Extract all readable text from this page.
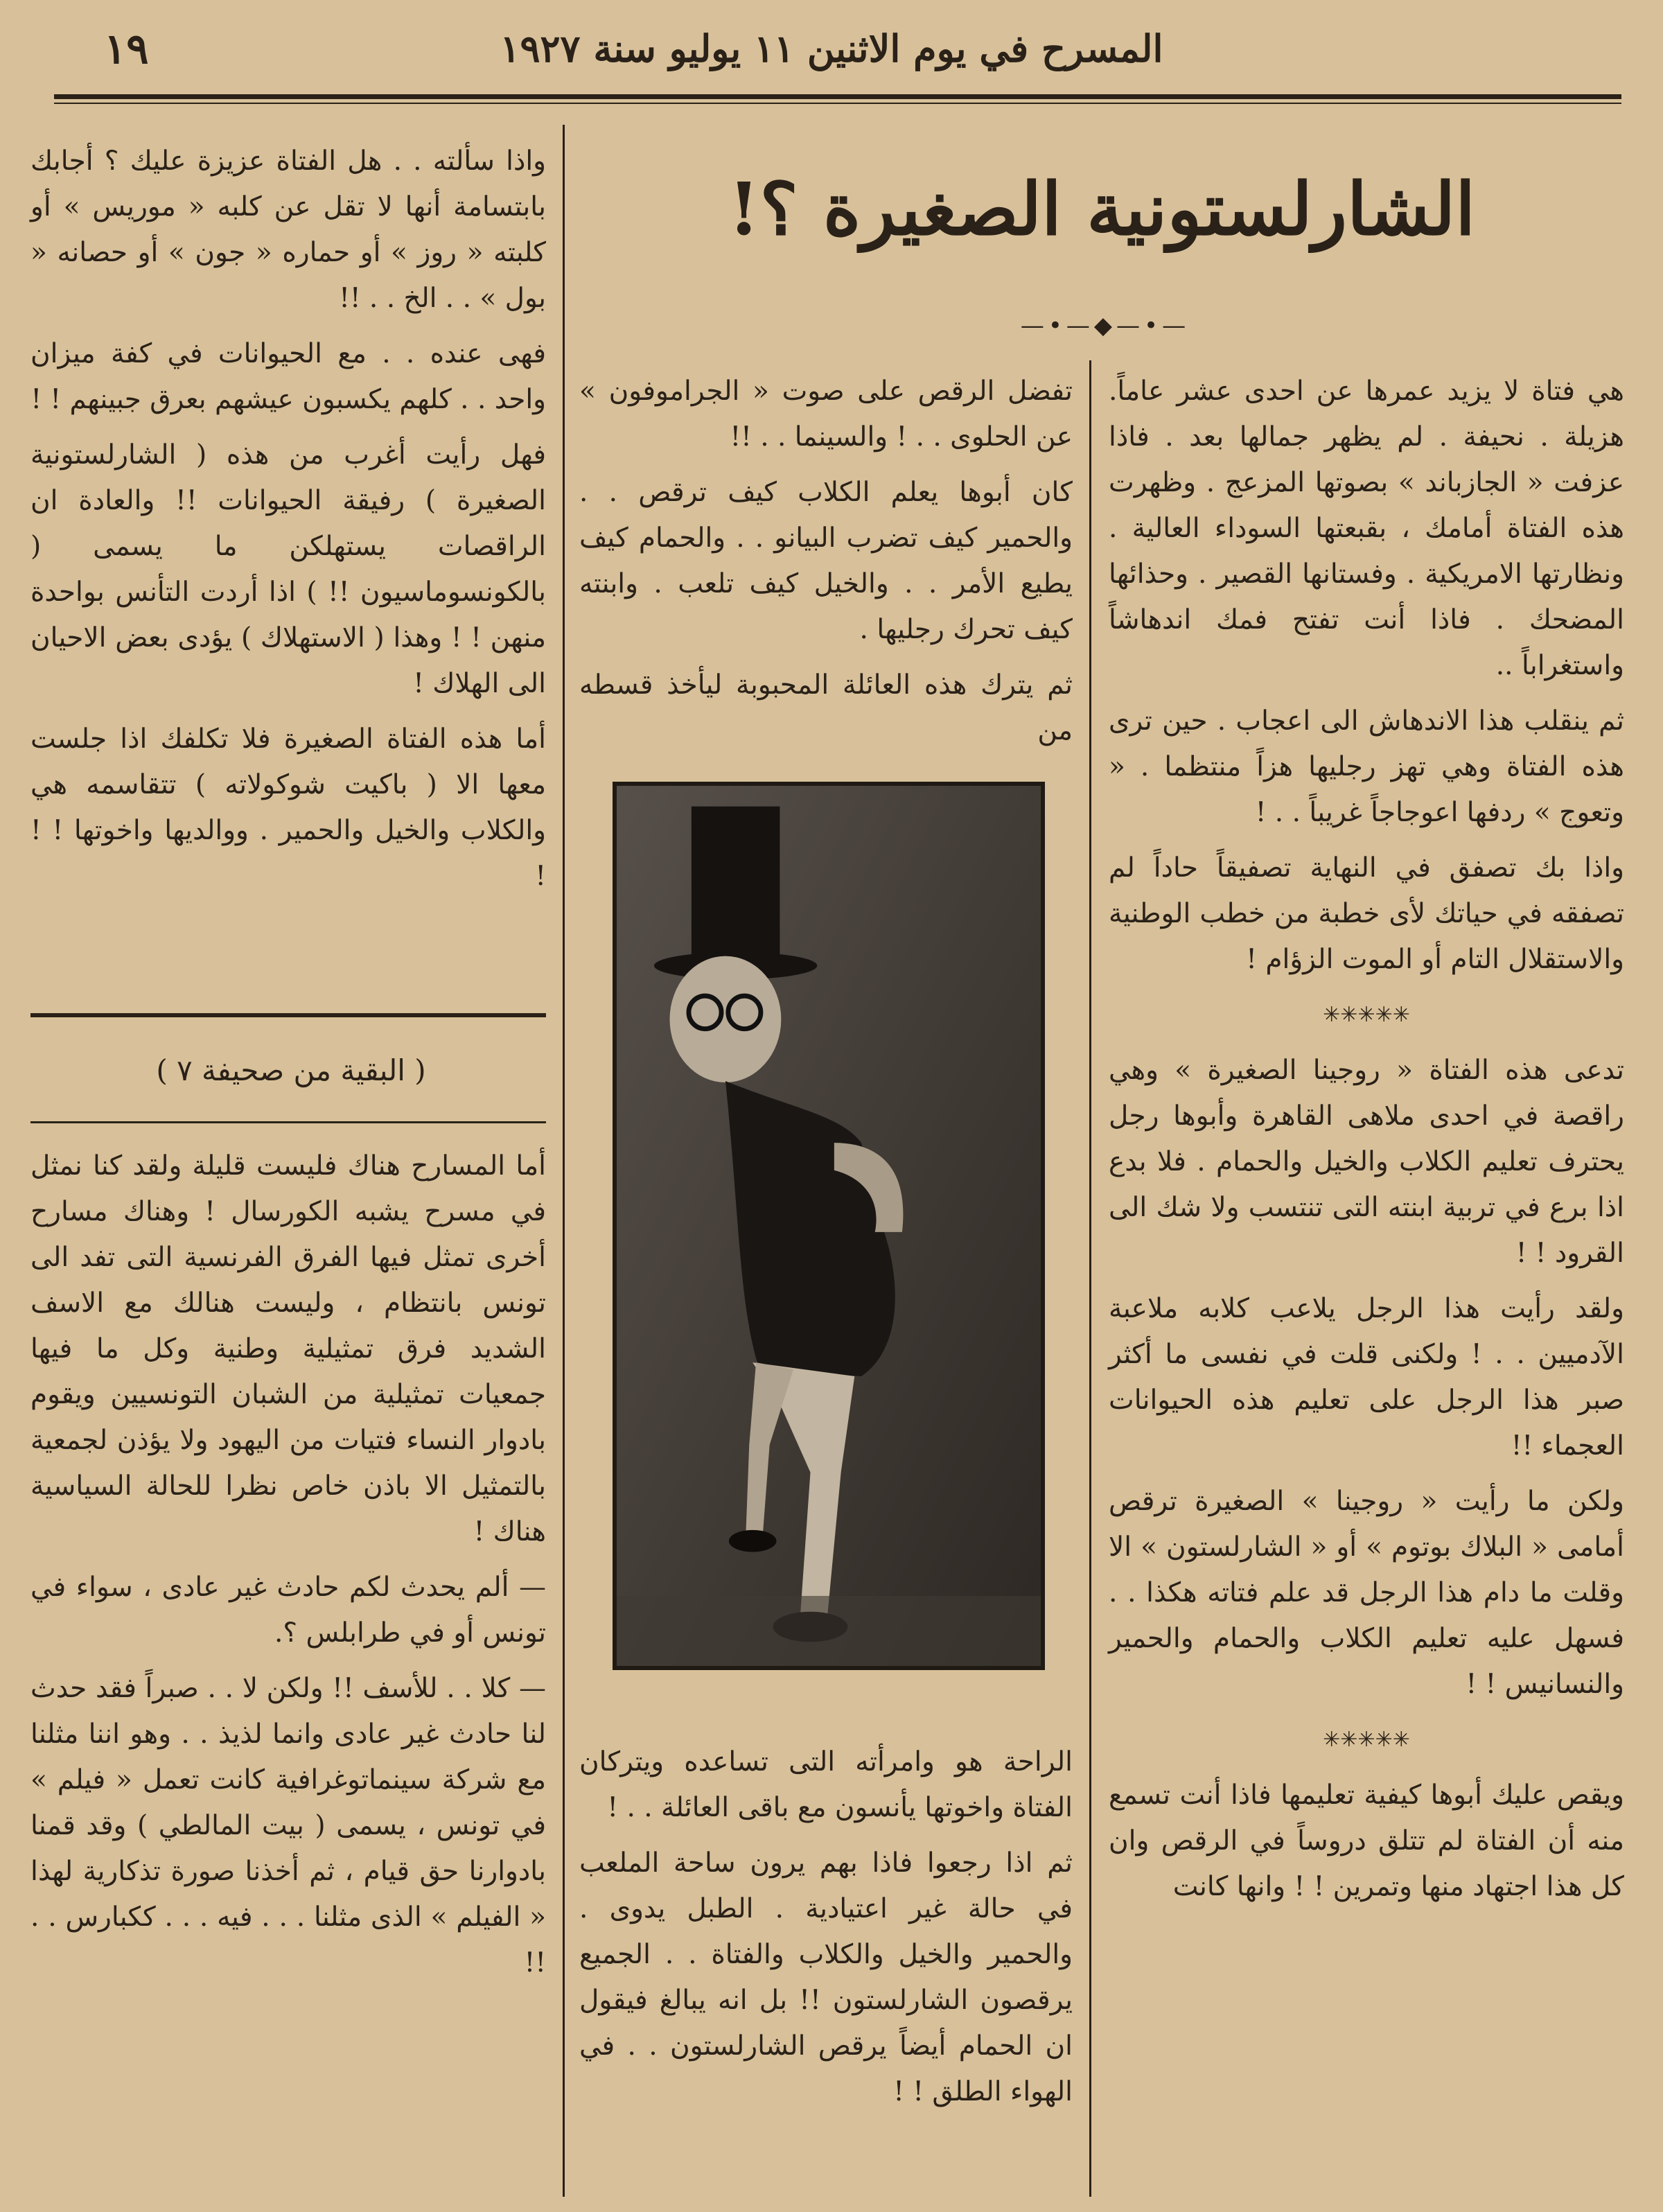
المسرح في يوم الاثنين ١١ يوليو سنة ١٩٢٧
١٩
الشارلستونية الصغيرة ؟!
—•—◆—•—

هي فتاة لا يزيد عمرها عن احدى عشر عاماً. هزيلة . نحيفة . لم يظهر جمالها بعد . فاذا عزفت « الجازباند » بصوتها المزعج . وظهرت هذه الفتاة أمامك ، بقبعتها السوداء العالية . ونظارتها الامريكية . وفستانها القصير . وحذائها المضحك . فاذا أنت تفتح فمك اندهاشاً واستغراباً ..

ثم ينقلب هذا الاندهاش الى اعجاب . حين ترى هذه الفتاة وهي تهز رجليها هزاً منتظما . « وتعوج » ردفها اعوجاجاً غريباً . . !

واذا بك تصفق في النهاية تصفيقاً حاداً لم تصفقه في حياتك لأى خطبة من خطب الوطنية والاستقلال التام أو الموت الزؤام !

✳✳✳✳✳

تدعى هذه الفتاة « روجينا الصغيرة » وهي راقصة في احدى ملاهى القاهرة وأبوها رجل يحترف تعليم الكلاب والخيل والحمام . فلا بدع اذا برع في تربية ابنته التى تنتسب ولا شك الى القرود ! !

ولقد رأيت هذا الرجل يلاعب كلابه ملاعبة الآدميين . . ! ولكنى قلت في نفسى ما أكثر صبر هذا الرجل على تعليم هذه الحيوانات العجماء !!

ولكن ما رأيت « روجينا » الصغيرة ترقص أمامى « البلاك بوتوم » أو « الشارلستون » الا وقلت ما دام هذا الرجل قد علم فتاته هكذا . . فسهل عليه تعليم الكلاب والحمام والحمير والنسانيس ! !

✳✳✳✳✳

ويقص عليك أبوها كيفية تعليمها فاذا أنت تسمع منه أن الفتاة لم تتلق دروساً في الرقص وان كل هذا اجتهاد منها وتمرين ! ! وانها كانت

تفضل الرقص على صوت « الجراموفون » عن الحلوى . . ! والسينما . . !!

كان أبوها يعلم الكلاب كيف ترقص . . والحمير كيف تضرب البيانو . . والحمام كيف يطيع الأمر . . والخيل كيف تلعب . وابنته كيف تحرك رجليها .

ثم يترك هذه العائلة المحبوبة ليأخذ قسطه من

الراحة هو وامرأته التى تساعده ويتركان الفتاة واخوتها يأنسون مع باقى العائلة . . !

ثم اذا رجعوا فاذا بهم يرون ساحة الملعب في حالة غير اعتيادية . الطبل يدوى . والحمير والخيل والكلاب والفتاة . . الجميع يرقصون الشارلستون !! بل انه يبالغ فيقول ان الحمام أيضاً يرقص الشارلستون . . في الهواء الطلق ! !

واذا سألته . . هل الفتاة عزيزة عليك ؟ أجابك بابتسامة أنها لا تقل عن كلبه « موريس » أو كلبته « روز » أو حماره « جون » أو حصانه « بول » . . الخ . . !!

فهى عنده . . مع الحيوانات في كفة ميزان واحد . . كلهم يكسبون عيشهم بعرق جبينهم ! !

فهل رأيت أغرب من هذه ( الشارلستونية الصغيرة ) رفيقة الحيوانات !! والعادة ان الراقصات يستهلكن ما يسمى ( بالكونسوماسيون !! ) اذا أردت التأنس بواحدة منهن ! ! وهذا ( الاستهلاك ) يؤدى بعض الاحيان الى الهلاك !

أما هذه الفتاة الصغيرة فلا تكلفك اذا جلست معها الا ( باكيت شوكولاته ) تتقاسمه هي والكلاب والخيل والحمير . ووالديها واخوتها ! ! !

( البقية من صحيفة ٧ )

أما المسارح هناك فليست قليلة ولقد كنا نمثل في مسرح يشبه الكورسال ! وهناك مسارح أخرى تمثل فيها الفرق الفرنسية التى تفد الى تونس بانتظام ، وليست هنالك مع الاسف الشديد فرق تمثيلية وطنية وكل ما فيها جمعيات تمثيلية من الشبان التونسيين ويقوم بادوار النساء فتيات من اليهود ولا يؤذن لجمعية بالتمثيل الا باذن خاص نظرا للحالة السياسية هناك !

— ألم يحدث لكم حادث غير عادى ، سواء في تونس أو في طرابلس ؟.

— كلا . . للأسف !! ولكن لا . . صبراً فقد حدث لنا حادث غير عادى وانما لذيذ . . وهو اننا مثلنا مع شركة سينماتوغرافية كانت تعمل « فيلم » في تونس ، يسمى ( بيت المالطي ) وقد قمنا بادوارنا حق قيام ، ثم أخذنا صورة تذكارية لهذا « الفيلم » الذى مثلنا . . . فيه . . . ككبارس . . !!
